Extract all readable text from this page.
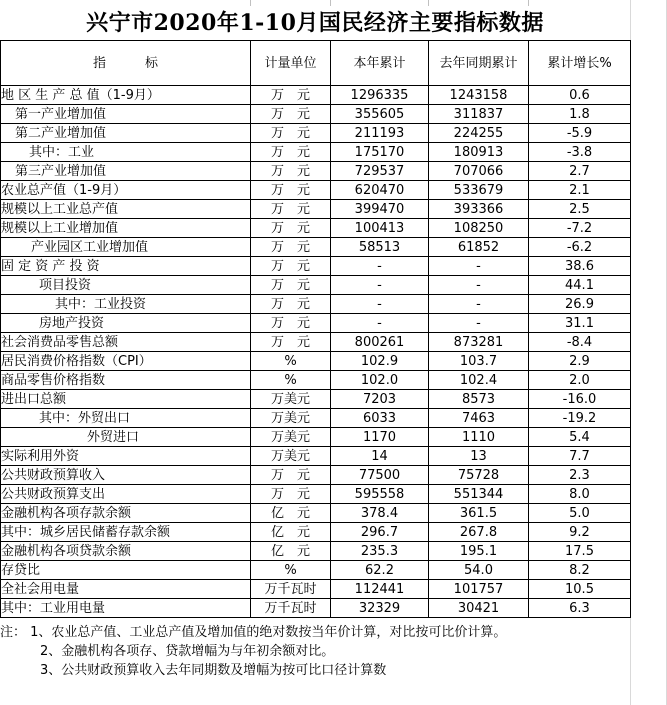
兴宁市2020年1-10月国民经济主要指标数据
指　　　标	计量单位	本年累计	去年同期累计	累计增长%
地 区 生 产 总 值（1-9月）	万　元	1296335	1243158	0.6
第一产业增加值	万　元	355605	311837	1.8
第二产业增加值	万　元	211193	224255	-5.9
其中：工业	万　元	175170	180913	-3.8
第三产业增加值	万　元	729537	707066	2.7
农业总产值（1-9月）	万　元	620470	533679	2.1
规模以上工业总产值	万　元	399470	393366	2.5
规模以上工业增加值	万　元	100413	108250	-7.2
产业园区工业增加值	万　元	58513	61852	-6.2
固 定 资 产 投 资	万　元	-	-	38.6
项目投资	万　元	-	-	44.1
其中：工业投资	万　元	-	-	26.9
房地产投资	万　元	-	-	31.1
社会消费品零售总额	万　元	800261	873281	-8.4
居民消费价格指数（CPI）	%	102.9	103.7	2.9
商品零售价格指数	%	102.0	102.4	2.0
进出口总额	万美元	7203	8573	-16.0
其中：外贸出口	万美元	6033	7463	-19.2
外贸进口	万美元	1170	1110	5.4
实际利用外资	万美元	14	13	7.7
公共财政预算收入	万　元	77500	75728	2.3
公共财政预算支出	万　元	595558	551344	8.0
金融机构各项存款余额	亿　元	378.4	361.5	5.0
其中：城乡居民储蓄存款余额	亿　元	296.7	267.8	9.2
金融机构各项贷款余额	亿　元	235.3	195.1	17.5
存贷比	%	62.2	54.0	8.2
全社会用电量	万千瓦时	112441	101757	10.5
其中：工业用电量	万千瓦时	32329	30421	6.3
注： 1、农业总产值、工业总产值及增加值的绝对数按当年价计算，对比按可比价计算。
2、金融机构各项存、贷款增幅为与年初余额对比。
3、公共财政预算收入去年同期数及增幅为按可比口径计算数
